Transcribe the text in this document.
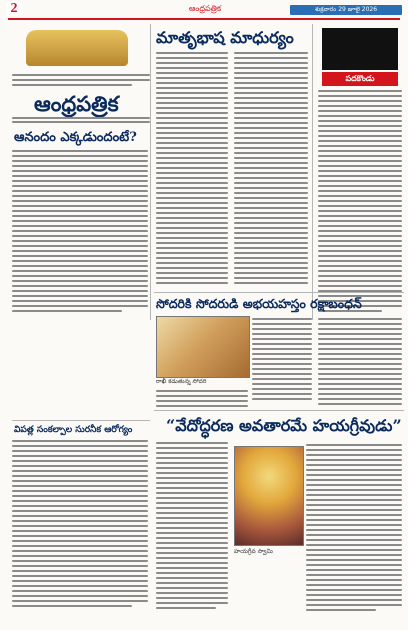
2	ఆంధ్రపత్రిక	శుక్రవారం 29 జూలై 2026
ఆంధ్రపత్రిక
ఆనందం ఎక్కడుందంటే?
మాతృభాష మాధుర్యం
పదకొండు
సోదరికి సోదరుడి అభయహస్తం రక్షాబంధన్
రాఖీ కడుతున్న సోదరి
విపత్ల సంకల్పాల సురనీక ఆరోగ్యం “వేదోద్ధరణ అవతారమే హయగ్రీవుడు”
హయగ్రీవ స్వామి
